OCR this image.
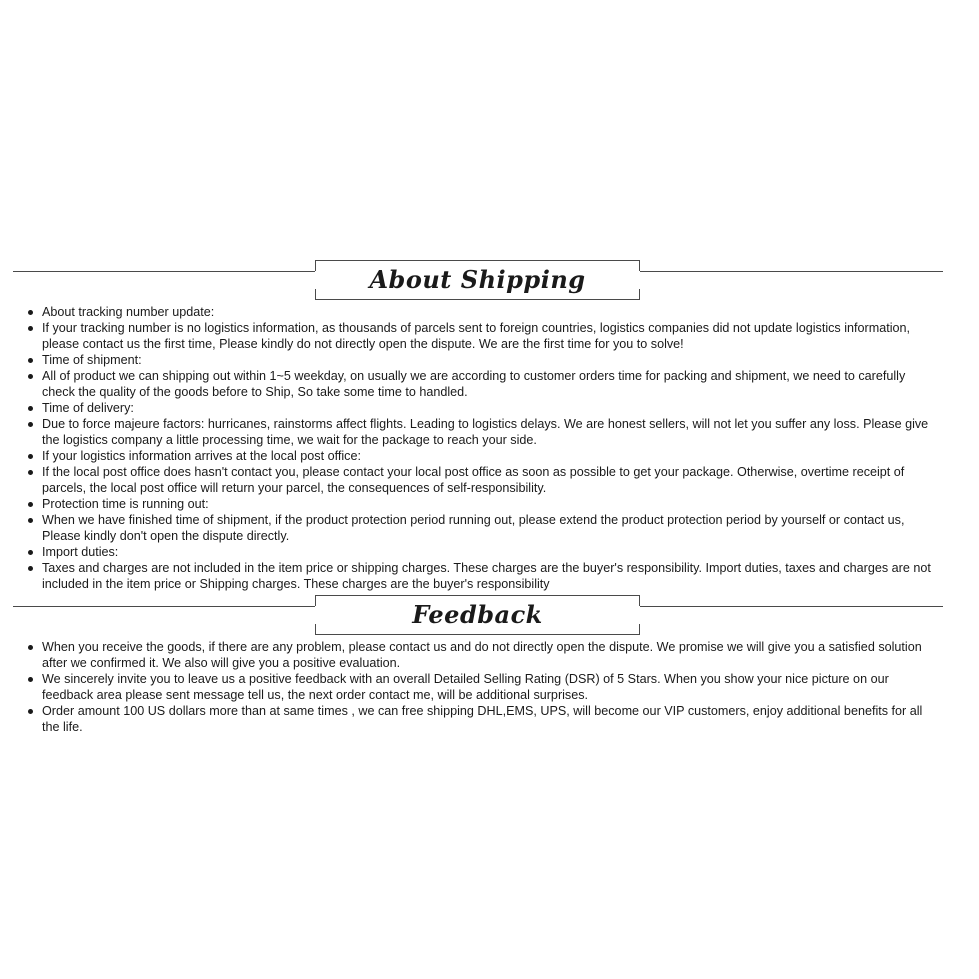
About Shipping
About tracking number update:
If your tracking number is no logistics information, as thousands of parcels sent to foreign countries, logistics companies did not update logistics information, please contact us the first time, Please kindly do not directly open the dispute. We are the first time for you to solve!
Time of shipment:
All of product we can shipping out within 1~5 weekday, on usually we are according to customer orders time for packing and shipment, we need to carefully check the quality of the goods before to Ship, So take some time to handled.
Time of delivery:
Due to force majeure factors: hurricanes, rainstorms affect flights. Leading to logistics delays. We are honest sellers, will not let you suffer any loss. Please give the logistics company a little processing time, we wait for the package to reach your side.
If your logistics information arrives at the local post office:
If the local post office does hasn't contact you, please contact your local post office as soon as possible to get your package. Otherwise, overtime receipt of parcels, the local post office will return your parcel, the consequences of self-responsibility.
Protection time is running out:
When we have finished time of shipment, if the product protection period running out, please extend the product protection period by yourself or contact us, Please kindly don't open the dispute directly.
Import duties:
Taxes and charges are not included in the item price or shipping charges. These charges are the buyer's responsibility. Import duties, taxes and charges are not included in the item price or Shipping charges. These charges are the buyer's responsibility
Feedback
When you receive the goods, if there are any problem, please contact us and do not directly open the dispute. We promise we will give you a satisfied solution after we confirmed it. We also will give you a positive evaluation.
We sincerely invite you to leave us a positive feedback with an overall Detailed Selling Rating (DSR) of 5 Stars. When you show your nice picture on our feedback area please sent message tell us, the next order contact me, will be additional surprises.
Order amount 100 US dollars more than at same times , we can free shipping DHL,EMS, UPS, will become our VIP customers, enjoy additional benefits for all the life.
